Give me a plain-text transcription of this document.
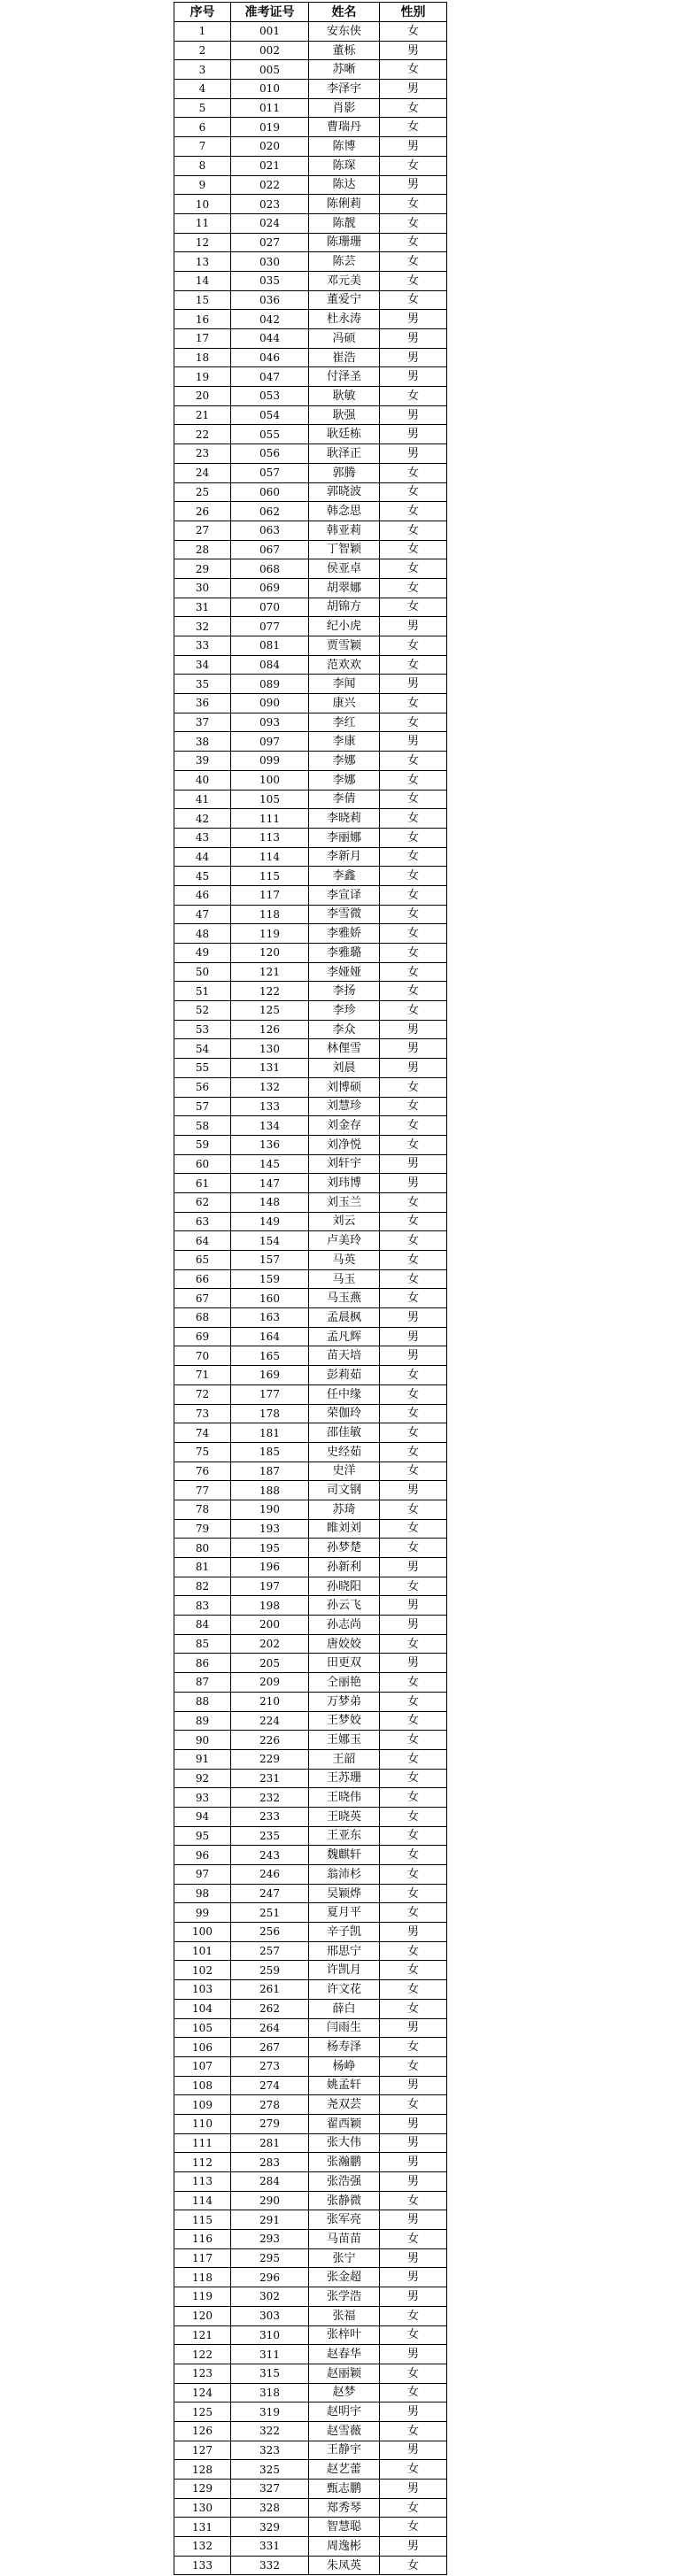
序号	准考证号	姓名	性别
1	001	安东侠	女
2	002	董栎	男
3	005	苏晰	女
4	010	李泽宇	男
5	011	肖影	女
6	019	曹瑞丹	女
7	020	陈博	男
8	021	陈琛	女
9	022	陈达	男
10	023	陈俐莉	女
11	024	陈靓	女
12	027	陈珊珊	女
13	030	陈芸	女
14	035	邓元美	女
15	036	董爱宁	女
16	042	杜永涛	男
17	044	冯硕	男
18	046	崔浩	男
19	047	付泽圣	男
20	053	耿敏	女
21	054	耿强	男
22	055	耿廷栋	男
23	056	耿泽正	男
24	057	郭腾	女
25	060	郭晓波	女
26	062	韩念思	女
27	063	韩亚莉	女
28	067	丁智颖	女
29	068	侯亚卓	女
30	069	胡翠娜	女
31	070	胡锦方	女
32	077	纪小虎	男
33	081	贾雪颖	女
34	084	范欢欢	女
35	089	李闻	男
36	090	康兴	女
37	093	李红	女
38	097	李康	男
39	099	李娜	女
40	100	李娜	女
41	105	李倩	女
42	111	李晓莉	女
43	113	李丽娜	女
44	114	李新月	女
45	115	李鑫	女
46	117	李宣译	女
47	118	李雪微	女
48	119	李雅娇	女
49	120	李雅璐	女
50	121	李娅娅	女
51	122	李扬	女
52	125	李珍	女
53	126	李众	男
54	130	林俚雪	男
55	131	刘晨	男
56	132	刘博硕	女
57	133	刘慧珍	女
58	134	刘金存	女
59	136	刘净悦	女
60	145	刘轩宇	男
61	147	刘玮博	男
62	148	刘玉兰	女
63	149	刘云	女
64	154	卢美玲	女
65	157	马英	女
66	159	马玉	女
67	160	马玉燕	女
68	163	孟晨枫	男
69	164	孟凡辉	男
70	165	苗天培	男
71	169	彭莉茹	女
72	177	任中缘	女
73	178	荣伽玲	女
74	181	邵佳敏	女
75	185	史经茹	女
76	187	史洋	女
77	188	司文钢	男
78	190	苏琦	女
79	193	睢刘刘	女
80	195	孙梦楚	女
81	196	孙新利	男
82	197	孙晓阳	女
83	198	孙云飞	男
84	200	孙志尚	男
85	202	唐姣姣	女
86	205	田更双	男
87	209	仝丽艳	女
88	210	万梦弟	女
89	224	王梦姣	女
90	226	王娜玉	女
91	229	王韶	女
92	231	王苏珊	女
93	232	王晓伟	女
94	233	王晓英	女
95	235	王亚东	女
96	243	魏麒轩	女
97	246	翁沛杉	女
98	247	吴颖烨	女
99	251	夏月平	女
100	256	辛子凯	男
101	257	邢思宁	女
102	259	许凯月	女
103	261	许文花	女
104	262	薛白	女
105	264	闫雨生	男
106	267	杨寿泽	女
107	273	杨峥	女
108	274	姚孟轩	男
109	278	尧双芸	女
110	279	翟西颖	男
111	281	张大伟	男
112	283	张瀚鹏	男
113	284	张浩强	男
114	290	张静微	女
115	291	张军亮	男
116	293	马苗苗	女
117	295	张宁	男
118	296	张金超	男
119	302	张学浩	男
120	303	张福	女
121	310	张梓叶	女
122	311	赵春华	男
123	315	赵丽颖	女
124	318	赵梦	女
125	319	赵明宇	男
126	322	赵雪薇	女
127	323	王静宇	男
128	325	赵艺蕾	女
129	327	甄志鹏	男
130	328	郑秀琴	女
131	329	智慧聪	女
132	331	周逸彬	男
133	332	朱凤英	女
